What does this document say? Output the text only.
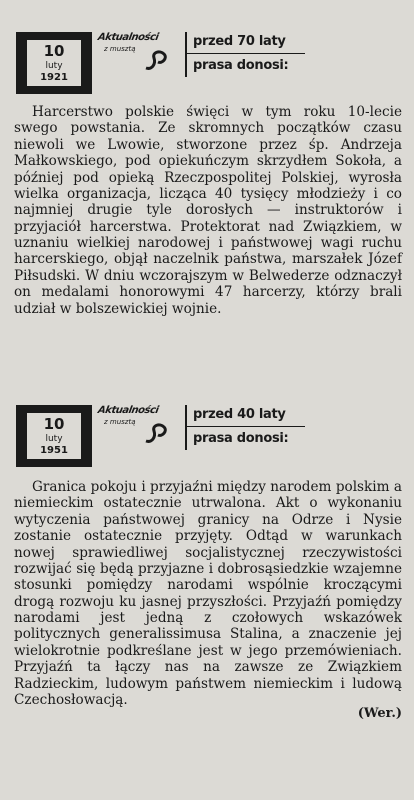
10
luty
1921
Aktualności
z musztą	przed 70 laty
prasa donosi:

Harcerstwo polskie święci w tym roku 10-lecie swego powstania. Ze skromnych początków czasu niewoli we Lwowie, stworzone przez śp. Andrzeja Małkowskiego, pod opiekuńczym skrzydłem Sokoła, a później pod opieką Rzeczpospolitej Polskiej, wyrosła wielka organizacja, licząca 40 tysięcy młodzieży i co najmniej drugie tyle dorosłych — instruktorów i przyjaciół harcerstwa. Protektorat nad Związkiem, w uznaniu wielkiej narodowej i państwowej wagi ruchu harcerskiego, objął naczelnik państwa, marszałek Józef Piłsudski. W dniu wczorajszym w Belwederze odznaczył on medalami honorowymi 47 harcerzy, którzy brali udział w bolszewickiej wojnie.

10
luty
1951
Aktualności
z musztą	przed 40 laty
prasa donosi:

Granica pokoju i przyjaźni między narodem polskim a niemieckim ostatecznie utrwalona. Akt o wykonaniu wytyczenia państwowej granicy na Odrze i Nysie zostanie ostatecznie przyjęty. Odtąd w warunkach nowej sprawiedliwej socjalistycznej rzeczywistości rozwijać się będą przyjazne i dobrosąsiedzkie wzajemne stosunki pomiędzy narodami wspólnie kroczącymi drogą rozwoju ku jasnej przyszłości. Przyjaźń pomiędzy narodami jest jedną z czołowych wskazówek politycznych generalissimusa Stalina, a znaczenie jej wielokrotnie podkreślane jest w jego przemówieniach. Przyjaźń ta łączy nas na zawsze ze Związkiem Radzieckim, ludowym państwem niemieckim i ludową Czechosłowacją.

(Wer.)
